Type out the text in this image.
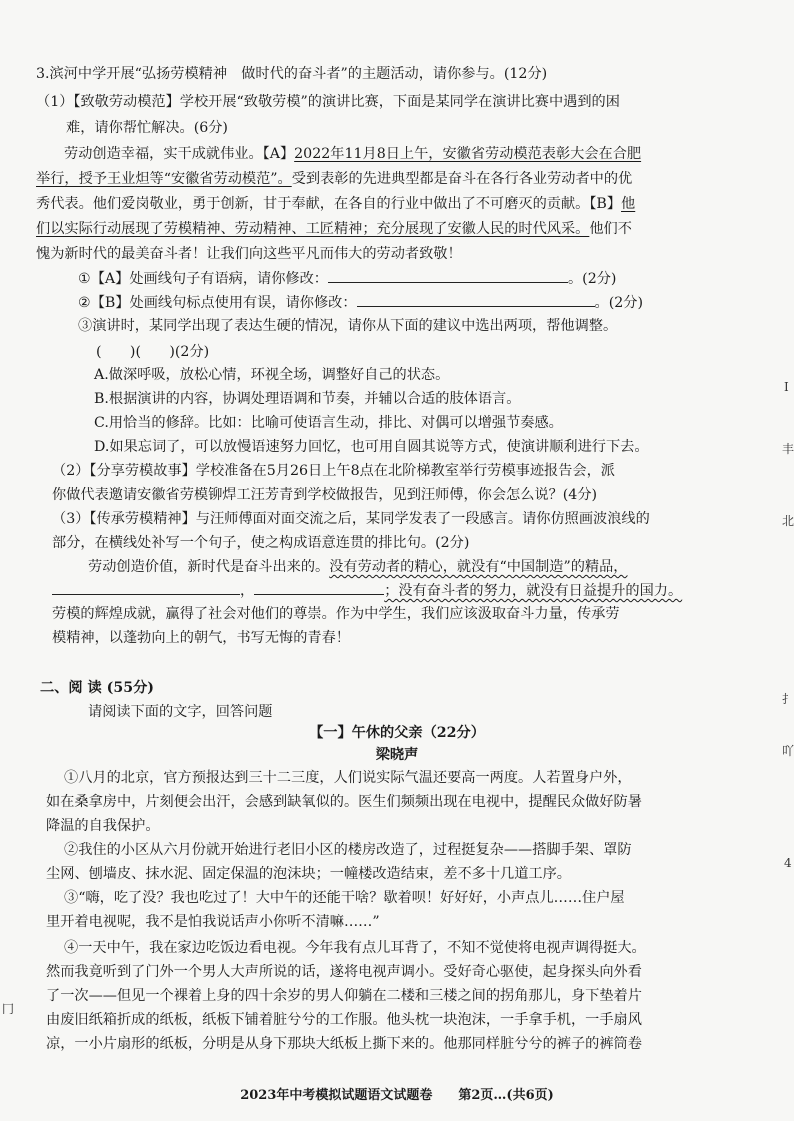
3.滨河中学开展“弘扬劳模精神　做时代的奋斗者”的主题活动，请你参与。(12分)
（1）【致敬劳动模范】学校开展“致敬劳模”的演讲比赛，下面是某同学在演讲比赛中遇到的困
难，请你帮忙解决。(6分)
劳动创造幸福，实干成就伟业。【A】2022年11月8日上午，安徽省劳动模范表彰大会在合肥
举行，授予王业炟等“安徽省劳动模范”。受到表彰的先进典型都是奋斗在各行各业劳动者中的优
秀代表。他们爱岗敬业，勇于创新，甘于奉献，在各自的行业中做出了不可磨灭的贡献。【B】他
们以实际行动展现了劳模精神、劳动精神、工匠精神；充分展现了安徽人民的时代风采。他们不
愧为新时代的最美奋斗者！让我们向这些平凡而伟大的劳动者致敬！
①【A】处画线句子有语病，请你修改：	。(2分)
②【B】处画线句标点使用有误，请你修改：	。(2分)
③演讲时，某同学出现了表达生硬的情况，请你从下面的建议中选出两项，帮他调整。
(　　)(　　)(2分)
A.做深呼吸，放松心情，环视全场，调整好自己的状态。
B.根据演讲的内容，协调处理语调和节奏，并辅以合适的肢体语言。
C.用恰当的修辞。比如：比喻可使语言生动，排比、对偶可以增强节奏感。
D.如果忘词了，可以放慢语速努力回忆，也可用自圆其说等方式，使演讲顺利进行下去。
（2）【分享劳模故事】学校准备在5月26日上午8点在北阶梯教室举行劳模事迹报告会，派
你做代表邀请安徽省劳模铆焊工汪芳青到学校做报告，见到汪师傅，你会怎么说？(4分)
（3）【传承劳模精神】与汪师傅面对面交流之后，某同学发表了一段感言。请你仿照画波浪线的
部分，在横线处补写一个句子，使之构成语意连贯的排比句。(2分)
劳动创造价值，新时代是奋斗出来的。没有劳动者的精心，就没有“中国制造”的精品，
，	；没有奋斗者的努力，就没有日益提升的国力。
劳模的辉煌成就，赢得了社会对他们的尊崇。作为中学生，我们应该汲取奋斗力量，传承劳
模精神，以蓬勃向上的朝气，书写无悔的青春！
二、阅 读 (55分)
请阅读下面的文字，回答问题
【一】午休的父亲（22分）
梁晓声
①八月的北京，官方预报达到三十二三度，人们说实际气温还要高一两度。人若置身户外，
如在桑拿房中，片刻便会出汗，会感到缺氧似的。医生们频频出现在电视中，提醒民众做好防暑
降温的自我保护。
②我住的小区从六月份就开始进行老旧小区的楼房改造了，过程挺复杂——搭脚手架、罩防
尘网、刨墙皮、抹水泥、固定保温的泡沫块；一幢楼改造结束，差不多十几道工序。
③“嗨，吃了没？我也吃过了！大中午的还能干啥？歇着呗！好好好，小声点儿……住户屋
里开着电视呢，我不是怕我说话声小你听不清嘛……”
④一天中午，我在家边吃饭边看电视。今年我有点儿耳背了，不知不觉使将电视声调得挺大。
然而我竟听到了门外一个男人大声所说的话，遂将电视声调小。受好奇心驱使，起身探头向外看
了一次——但见一个裸着上身的四十余岁的男人仰躺在二楼和三楼之间的拐角那儿，身下垫着片
由废旧纸箱折成的纸板，纸板下铺着脏兮兮的工作服。他头枕一块泡沫，一手拿手机，一手扇风
凉，一小片扇形的纸板，分明是从身下那块大纸板上撕下来的。他那同样脏兮兮的裤子的裤筒卷
2023年中考模拟试题语文试题卷　　第2页…(共6页)
I
丰
北
扌
吖
4
冂
